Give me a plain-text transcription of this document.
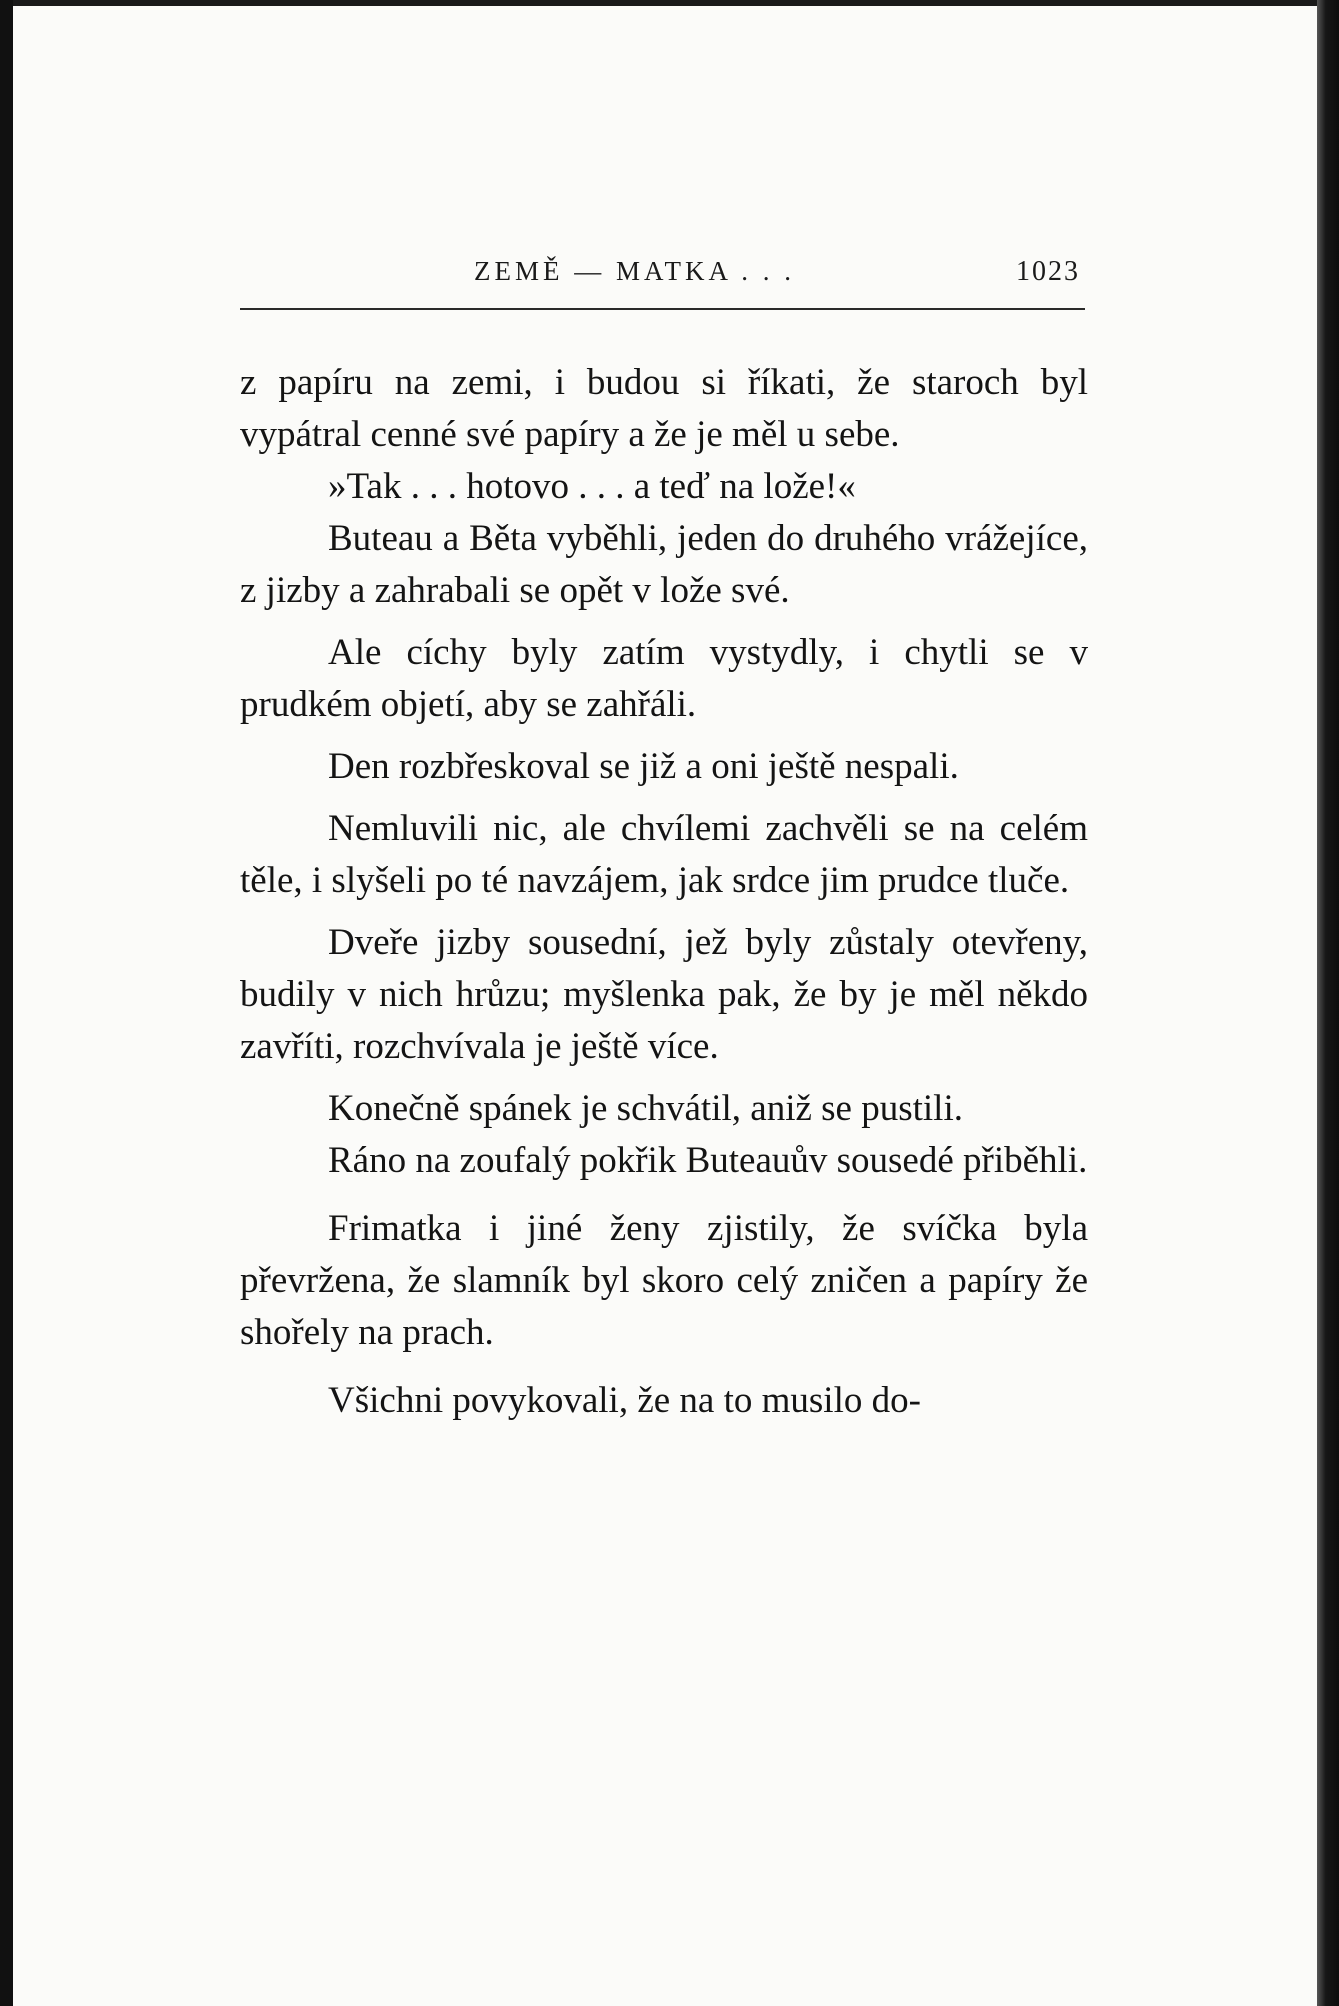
ZEMĚ — MATKA . . .	1023

z papíru na zemi, i budou si říkati, že staroch byl vypátral cenné své papíry a že je měl u sebe.

»Tak . . . hotovo . . . a teď na lože!«

Buteau a Běta vyběhli, jeden do druhého vrážejíce, z jizby a zahrabali se opět v lože své.

Ale cíchy byly zatím vystydly, i chytli se v prudkém objetí, aby se zahřáli.

Den rozbřeskoval se již a oni ještě nespali.

Nemluvili nic, ale chvílemi zachvěli se na celém těle, i slyšeli po té navzájem, jak srdce jim prudce tluče.

Dveře jizby sousední, jež byly zůstaly otevřeny, budily v nich hrůzu; myšlenka pak, že by je měl někdo zavříti, rozchvívala je ještě více.

Konečně spánek je schvátil, aniž se pustili.

Ráno na zoufalý pokřik Buteauův sousedé přiběhli.

Frimatka i jiné ženy zjistily, že svíčka byla převržena, že slamník byl skoro celý zničen a papíry že shořely na prach.

Všichni povykovali, že na to musilo do-
